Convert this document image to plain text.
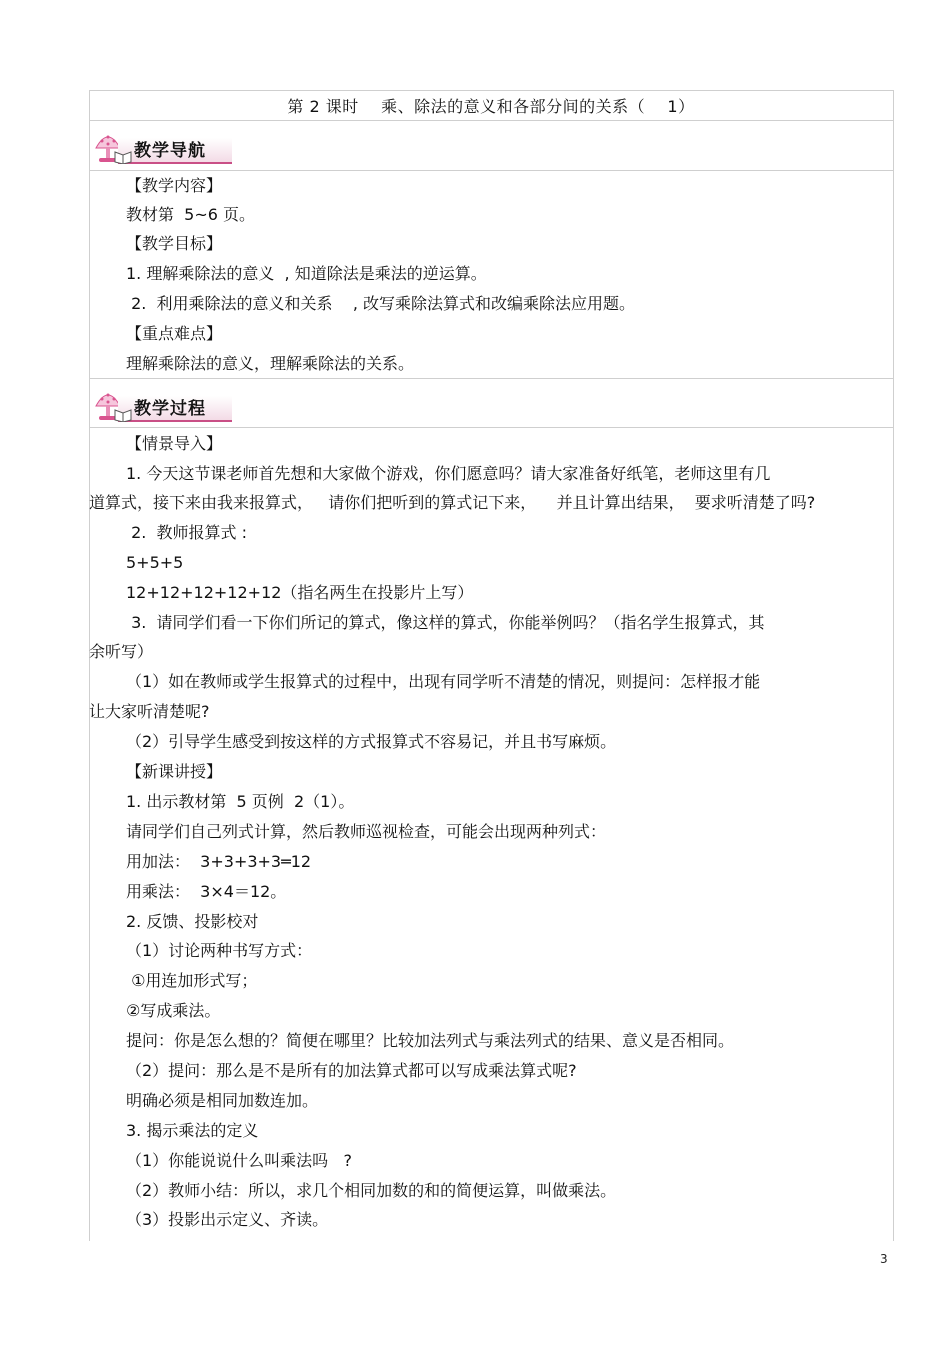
第 2 课时    乘、除法的意义和各部分间的关系（    1）
教学导航
教学过程
【教学内容】
教材第  5~6 页。
【教学目标】
1. 理解乘除法的意义  , 知道除法是乘法的逆运算。
2.  利用乘除法的意义和关系    , 改写乘除法算式和改编乘除法应用题。
【重点难点】
理解乘除法的意义，理解乘除法的关系。
【情景导入】
1. 今天这节课老师首先想和大家做个游戏，你们愿意吗？请大家准备好纸笔，老师这里有几
道算式，接下来由我来报算式，   请你们把听到的算式记下来，    并且计算出结果，  要求听清楚了吗?
2.  教师报算式 :
5+5+5
12+12+12+12+12（指名两生在投影片上写）
3.  请同学们看一下你们所记的算式，像这样的算式，你能举例吗？（指名学生报算式，其
余听写）
（1）如在教师或学生报算式的过程中，出现有同学听不清楚的情况，则提问：怎样报才能
让大家听清楚呢?
（2）引导学生感受到按这样的方式报算式不容易记，并且书写麻烦。
【新课讲授】
1. 出示教材第  5 页例  2（1）。
请同学们自己列式计算，然后教师巡视检查，可能会出现两种列式：
用加法：  3+3+3+3═12
用乘法：  3×4＝12。
2. 反馈、投影校对
（1）讨论两种书写方式：
①用连加形式写；
②写成乘法。
提问：你是怎么想的？简便在哪里？比较加法列式与乘法列式的结果、意义是否相同。
（2）提问：那么是不是所有的加法算式都可以写成乘法算式呢?
明确必须是相同加数连加。
3. 揭示乘法的定义
（1）你能说说什么叫乘法吗   ?
（2）教师小结：所以，求几个相同加数的和的简便运算，叫做乘法。
（3）投影出示定义、齐读。
3
